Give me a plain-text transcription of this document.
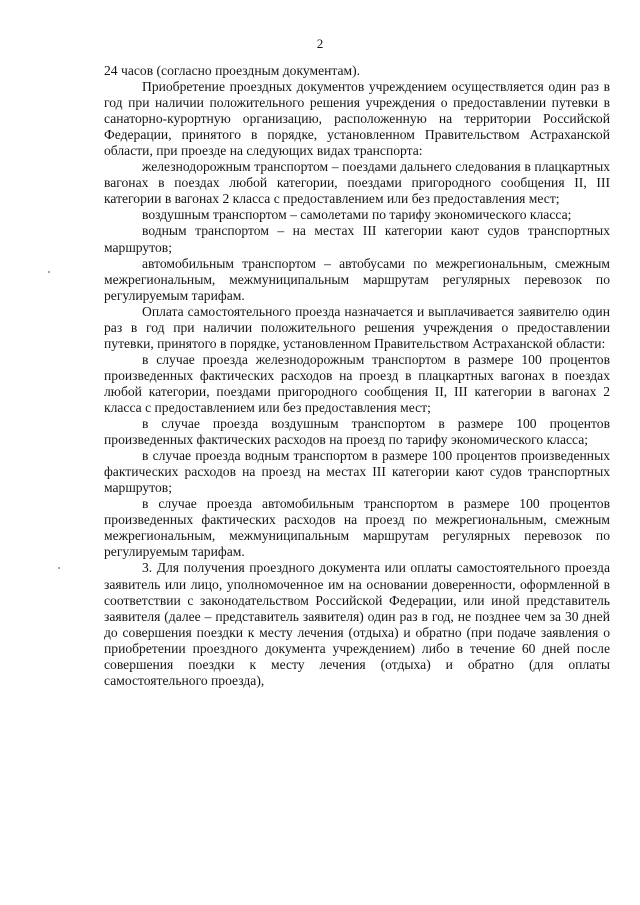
2

24 часов (согласно проездным документам).

Приобретение проездных документов учреждением осуществляется один раз в год при наличии положительного решения учреждения о предоставлении путевки в санаторно-курортную организацию, расположенную на территории Российской Федерации, принятого в порядке, установленном Правительством Астраханской области, при проезде на следующих видах транспорта:

железнодорожным транспортом – поездами дальнего следования в плацкартных вагонах в поездах любой категории, поездами пригородного сообщения II, III категории в вагонах 2 класса с предоставлением или без предоставления мест;

воздушным транспортом – самолетами по тарифу экономического класса;

водным транспортом – на местах III категории кают судов транспортных маршрутов;

автомобильным транспортом – автобусами по межрегиональным, смежным межрегиональным, межмуниципальным маршрутам регулярных перевозок по регулируемым тарифам.

Оплата самостоятельного проезда назначается и выплачивается заявителю один раз в год при наличии положительного решения учреждения о предоставлении путевки, принятого в порядке, установленном Правительством Астраханской области:

в случае проезда железнодорожным транспортом в размере 100 процентов произведенных фактических расходов на проезд в плацкартных вагонах в поездах любой категории, поездами пригородного сообщения II, III категории в вагонах 2 класса с предоставлением или без предоставления мест;

в случае проезда воздушным транспортом в размере 100 процентов произведенных фактических расходов на проезд по тарифу экономического класса;

в случае проезда водным транспортом в размере 100 процентов произведенных фактических расходов на проезд на местах III категории кают судов транспортных маршрутов;

в случае проезда автомобильным транспортом в размере 100 процентов произведенных фактических расходов на проезд по межрегиональным, смежным межрегиональным, межмуниципальным маршрутам регулярных перевозок по регулируемым тарифам.

3. Для получения проездного документа или оплаты самостоятельного проезда заявитель или лицо, уполномоченное им на основании доверенности, оформленной в соответствии с законодательством Российской Федерации, или иной представитель заявителя (далее – представитель заявителя) один раз в год, не позднее чем за 30 дней до совершения поездки к месту лечения (отдыха) и обратно (при подаче заявления о приобретении проездного документа учреждением) либо в течение 60 дней после совершения поездки к месту лечения (отдыха) и обратно (для оплаты самостоятельного проезда),
